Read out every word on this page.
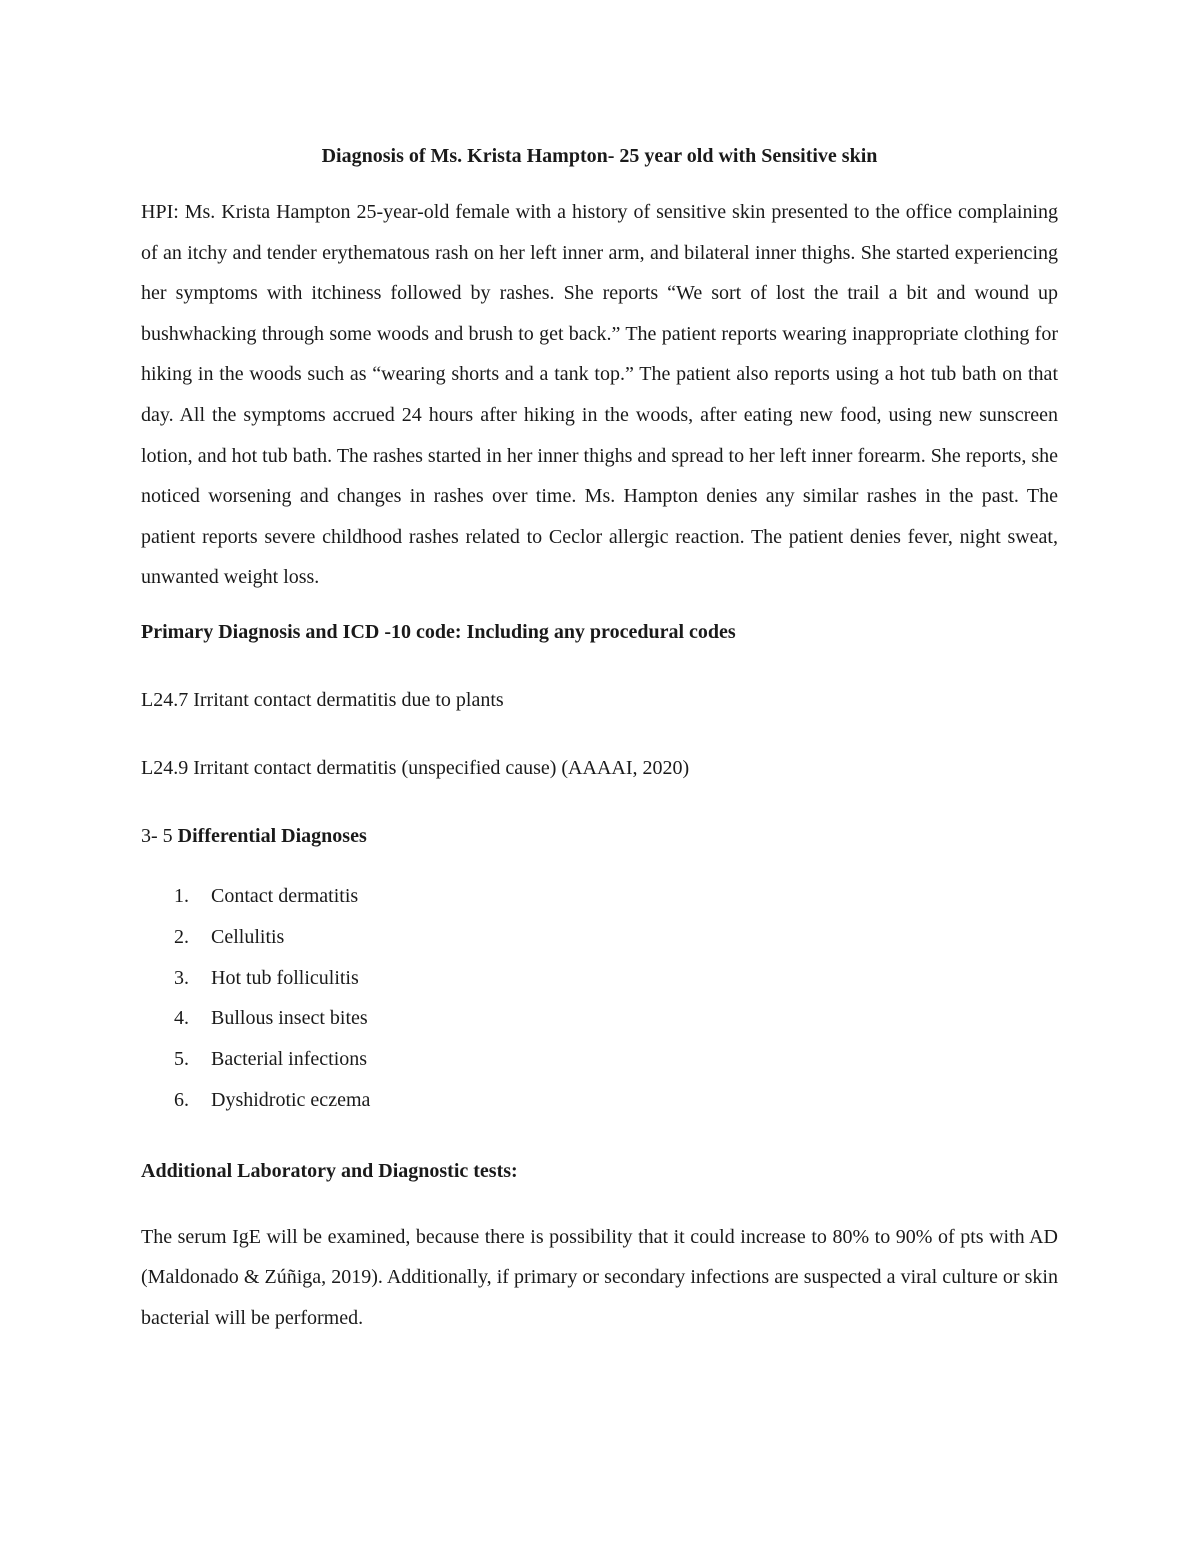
Diagnosis of Ms. Krista Hampton- 25 year old with Sensitive skin

HPI: Ms. Krista Hampton 25-year-old female with a history of sensitive skin presented to the office complaining of an itchy and tender erythematous rash on her left inner arm, and bilateral inner thighs. She started experiencing her symptoms with itchiness followed by rashes. She reports “We sort of lost the trail a bit and wound up bushwhacking through some woods and brush to get back.” The patient reports wearing inappropriate clothing for hiking in the woods such as “wearing shorts and a tank top.” The patient also reports using a hot tub bath on that day. All the symptoms accrued 24 hours after hiking in the woods, after eating new food, using new sunscreen lotion, and hot tub bath. The rashes started in her inner thighs and spread to her left inner forearm. She reports, she noticed worsening and changes in rashes over time. Ms. Hampton denies any similar rashes in the past. The patient reports severe childhood rashes related to Ceclor allergic reaction. The patient denies fever, night sweat, unwanted weight loss.

Primary Diagnosis and ICD -10 code: Including any procedural codes

L24.7 Irritant contact dermatitis due to plants

L24.9 Irritant contact dermatitis (unspecified cause) (AAAAI, 2020)

3- 5 Differential Diagnoses

1. Contact dermatitis
2. Cellulitis
3. Hot tub folliculitis
4. Bullous insect bites
5. Bacterial infections
6. Dyshidrotic eczema

Additional Laboratory and Diagnostic tests:

The serum IgE will be examined, because there is possibility that it could increase to 80% to 90% of pts with AD (Maldonado & Zúñiga, 2019). Additionally, if primary or secondary infections are suspected a viral culture or skin bacterial will be performed.
